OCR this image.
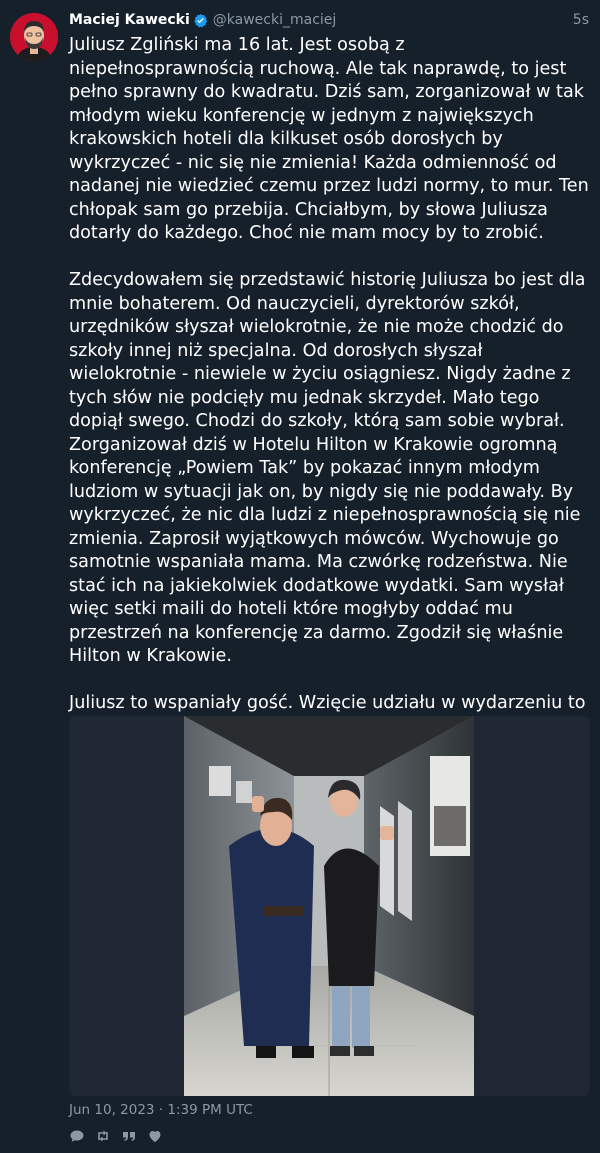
Maciej Kawecki @kawecki_maciej	5s

Juliusz Zgliński ma 16 lat. Jest osobą z niepełnosprawnością ruchową. Ale tak naprawdę, to jest pełno sprawny do kwadratu. Dziś sam, zorganizował w tak młodym wieku konferencję w jednym z największych krakowskich hoteli dla kilkuset osób dorosłych by wykrzyczeć - nic się nie zmienia! Każda odmienność od nadanej nie wiedzieć czemu przez ludzi normy, to mur. Ten chłopak sam go przebija. Chciałbym, by słowa Juliusza dotarły do każdego. Choć nie mam mocy by to zrobić.

Zdecydowałem się przedstawić historię Juliusza bo jest dla mnie bohaterem. Od nauczycieli, dyrektorów szkół, urzędników słyszał wielokrotnie, że nie może chodzić do szkoły innej niż specjalna. Od dorosłych słyszał wielokrotnie - niewiele w życiu osiągniesz. Nigdy żadne z tych słów nie podcięły mu jednak skrzydeł. Mało tego dopiął swego. Chodzi do szkoły, którą sam sobie wybrał. Zorganizował dziś w Hotelu Hilton w Krakowie ogromną konferencję „Powiem Tak” by pokazać innym młodym ludziom w sytuacji jak on, by nigdy się nie poddawały. By wykrzyczeć, że nic dla ludzi z niepełnosprawnością się nie zmienia. Zaprosił wyjątkowych mówców. Wychowuje go samotnie wspaniała mama. Ma czwórkę rodzeństwa. Nie stać ich na jakiekolwiek dodatkowe wydatki. Sam wysłał więc setki maili do hoteli które mogłyby oddać mu przestrzeń na konferencję za darmo. Zgodził się właśnie Hilton w Krakowie.

Juliusz to wspaniały gość. Wzięcie udziału w wydarzeniu to

Jun 10, 2023 · 1:39 PM UTC
